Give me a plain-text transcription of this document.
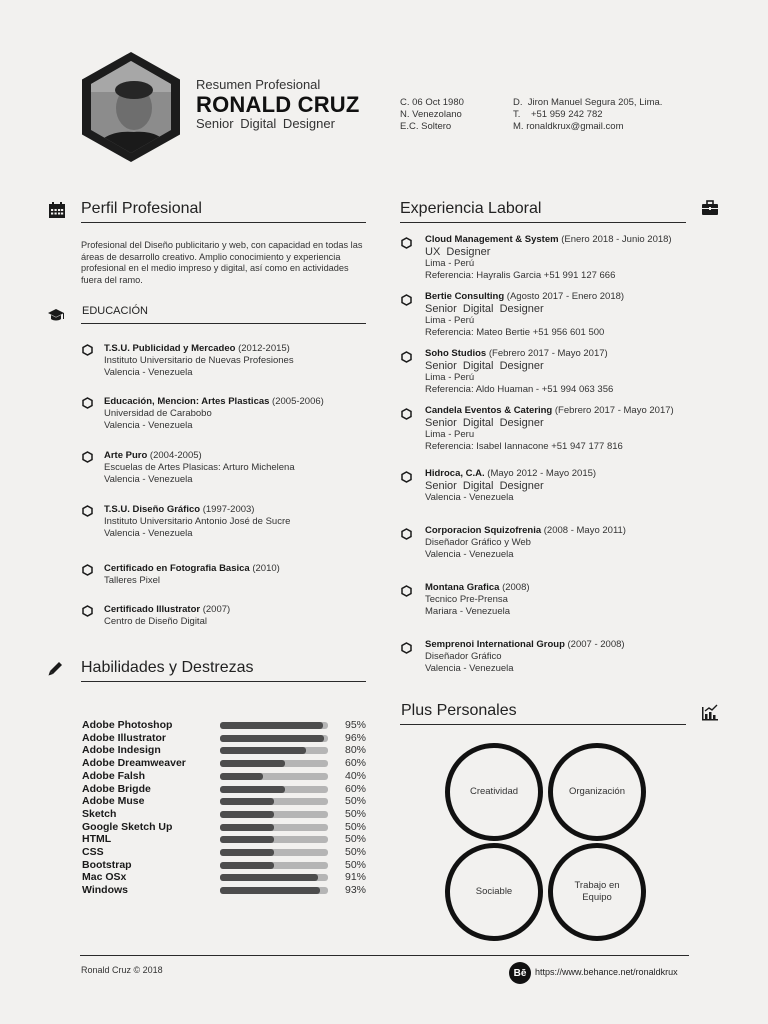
Resumen Profesional
RONALD CRUZ
Senior Digital Designer
C. 06 Oct 1980
N. Venezolano
E.C. Soltero
D.  Jiron Manuel Segura 205, Lima.
T.    +51 959 242 782
M. ronaldkrux@gmail.com
Perfil Profesional
Profesional del Diseño publicitario y web, con capacidad en todas las áreas de desarrollo creativo. Amplio conocimiento y experiencia profesional en el medio impreso y digital, así como en actividades fuera del ramo.
EDUCACIÓN
T.S.U. Publicidad y Mercadeo (2012-2015)
Instituto Universitario de Nuevas Profesiones
Valencia - Venezuela
Educación, Mencion: Artes Plasticas (2005-2006)
Universidad de Carabobo
Valencia - Venezuela
Arte Puro (2004-2005)
Escuelas de Artes Plasicas: Arturo Michelena
Valencia - Venezuela
T.S.U. Diseño Gráfico (1997-2003)
Instituto Universitario Antonio José de Sucre
Valencia - Venezuela
Certificado en Fotografia Basica (2010)
Talleres Pixel
Certificado Illustrator (2007)
Centro de Diseño Digital
Habilidades y Destrezas
Adobe Photoshop	95%
Adobe Illustrator	96%
Adobe Indesign	80%
Adobe Dreamweaver	60%
Adobe Falsh	40%
Adobe Brigde	60%
Adobe Muse	50%
Sketch	50%
Google Sketch Up	50%
HTML	50%
CSS	50%
Bootstrap	50%
Mac OSx	91%
Windows	93%
Experiencia Laboral
Cloud Management & System (Enero 2018 - Junio 2018)
UX  Designer
Lima - Perú
Referencia: Hayralis Garcia +51 991 127 666
Bertie Consulting (Agosto 2017 - Enero 2018)
Senior  Digital  Designer
Lima - Perú
Referencia: Mateo Bertie +51 956 601 500
Soho Studios (Febrero 2017 - Mayo 2017)
Senior  Digital  Designer
Lima - Perú
Referencia: Aldo Huaman - +51 994 063 356
Candela Eventos & Catering (Febrero 2017 - Mayo 2017)
Senior  Digital  Designer
Lima - Peru
Referencia: Isabel Iannacone +51 947 177 816
Hidroca, C.A. (Mayo 2012 - Mayo 2015)
Senior  Digital  Designer
Valencia - Venezuela
Corporacion Squizofrenia (2008 - Mayo 2011)
Diseñador Gráfico y Web
Valencia - Venezuela
Montana Grafica (2008)
Tecnico Pre-Prensa
Mariara - Venezuela
Semprenoi International Group (2007 - 2008)
Diseñador Gráfico
Valencia - Venezuela
Plus Personales
Creatividad	Organización
Sociable
Trabajo en Equipo
Ronald Cruz © 2018	Bē https://www.behance.net/ronaldkrux
